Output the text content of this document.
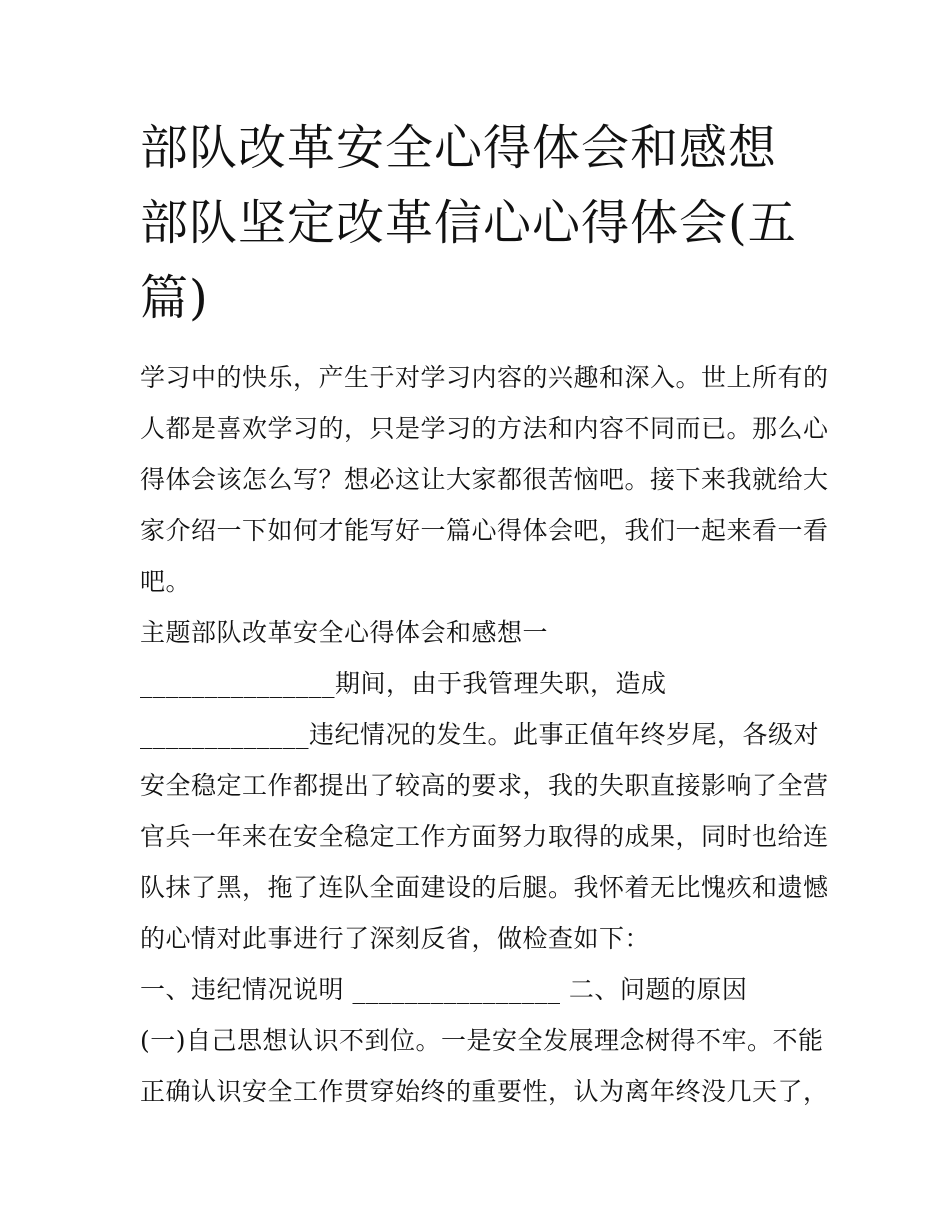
部队改革安全心得体会和感想
部队坚定改革信心心得体会(五
篇)
学习中的快乐，产生于对学习内容的兴趣和深入。世上所有的
人都是喜欢学习的，只是学习的方法和内容不同而已。那么心
得体会该怎么写？想必这让大家都很苦恼吧。接下来我就给大
家介绍一下如何才能写好一篇心得体会吧，我们一起来看一看
吧。
主题部队改革安全心得体会和感想一
_______________期间，由于我管理失职，造成
_____________违纪情况的发生。此事正值年终岁尾，各级对
安全稳定工作都提出了较高的要求，我的失职直接影响了全营
官兵一年来在安全稳定工作方面努力取得的成果，同时也给连
队抹了黑，拖了连队全面建设的后腿。我怀着无比愧疚和遗憾
的心情对此事进行了深刻反省，做检查如下：
一、违纪情况说明 ________________ 二、问题的原因
(一)自己思想认识不到位。一是安全发展理念树得不牢。不能
正确认识安全工作贯穿始终的重要性，认为离年终没几天了，
